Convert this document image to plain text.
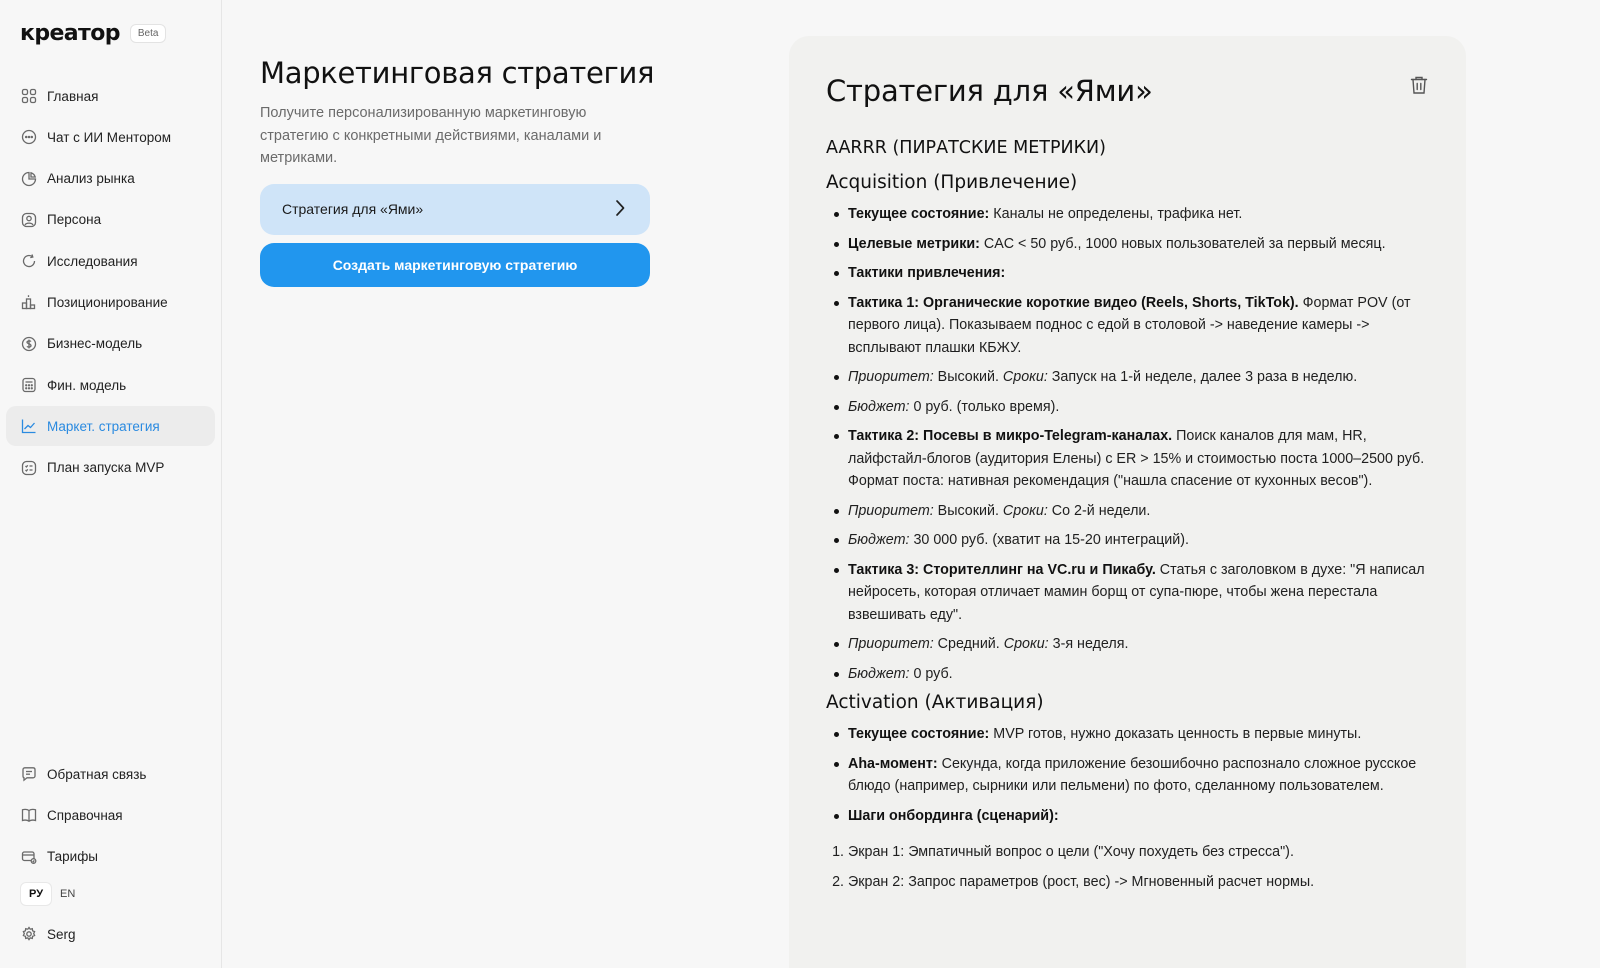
креатор	Beta
Главная
Чат с ИИ Ментором
Анализ рынка
Персона
Исследования
Позиционирование
Бизнес-модель
Фин. модель
Маркет. стратегия
План запуска MVP
Обратная связь
Справочная
Тарифы
РУ	EN
Serg
Маркетинговая стратегия

Получите персонализированную маркетинговую стратегию с конкретными действиями, каналами и метриками.

Стратегия для «Ями»
Создать маркетинговую стратегию
Стратегия для «Ями»
AARRR (ПИРАТСКИЕ МЕТРИКИ)
Acquisition (Привлечение)
Текущее состояние: Каналы не определены, трафика нет.
Целевые метрики: CAC < 50 руб., 1000 новых пользователей за первый месяц.
Тактики привлечения:
Тактика 1: Органические короткие видео (Reels, Shorts, TikTok). Формат POV (от первого лица). Показываем поднос с едой в столовой -> наведение камеры -> всплывают плашки КБЖУ.
Приоритет: Высокий. Сроки: Запуск на 1-й неделе, далее 3 раза в неделю.
Бюджет: 0 руб. (только время).
Тактика 2: Посевы в микро-Telegram-каналах. Поиск каналов для мам, HR, лайфстайл-блогов (аудитория Елены) с ER > 15% и стоимостью поста 1000–2500 руб. Формат поста: нативная рекомендация ("нашла спасение от кухонных весов").
Приоритет: Высокий. Сроки: Со 2-й недели.
Бюджет: 30 000 руб. (хватит на 15-20 интеграций).
Тактика 3: Сторителлинг на VC.ru и Пикабу. Статья с заголовком в духе: "Я написал нейросеть, которая отличает мамин борщ от супа-пюре, чтобы жена перестала взвешивать еду".
Приоритет: Средний. Сроки: 3-я неделя.
Бюджет: 0 руб.
Activation (Активация)
Текущее состояние: MVP готов, нужно доказать ценность в первые минуты.
Aha-момент: Секунда, когда приложение безошибочно распознало сложное русское блюдо (например, сырники или пельмени) по фото, сделанному пользователем.
Шаги онбординга (сценарий):
1. Экран 1: Эмпатичный вопрос о цели ("Хочу похудеть без стресса").
2. Экран 2: Запрос параметров (рост, вес) -> Мгновенный расчет нормы.
